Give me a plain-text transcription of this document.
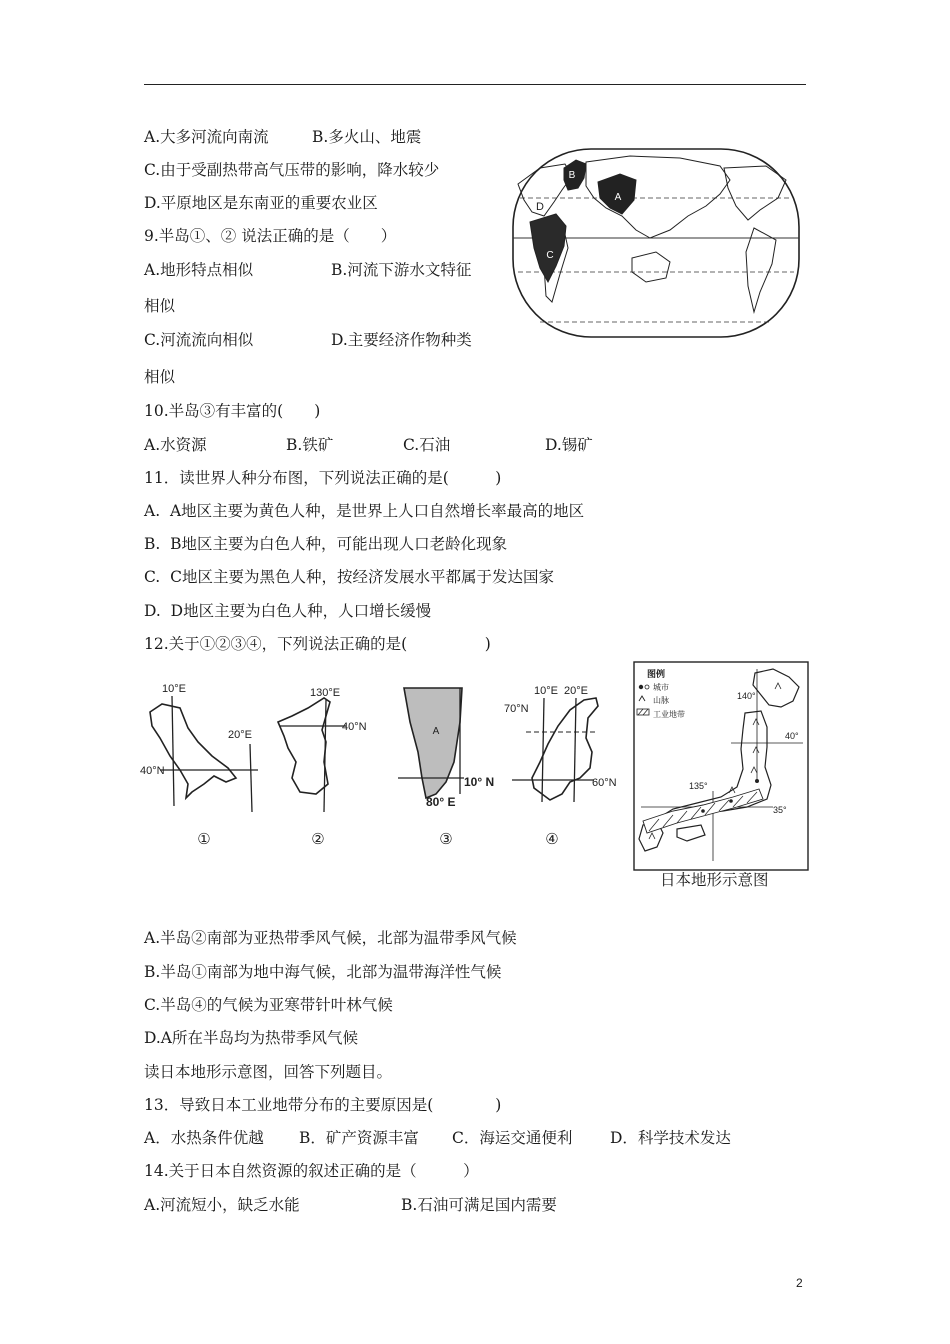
A.大多河流向南流	B.多火山、地震
C.由于受副热带高气压带的影响，降水较少
D.平原地区是东南亚的重要农业区
9.半岛①、② 说法正确的是（　　）
A.地形特点相似	B.河流下游水文特征
相似
C.河流流向相似	D.主要经济作物种类
相似
B
A
C
D
10.半岛③有丰富的(　　)
A.水资源	B.铁矿	C.石油	D.锡矿
11．读世界人种分布图，下列说法正确的是(　　　)
A.  A地区主要为黄色人种，是世界上人口自然增长率最高的地区
B.  B地区主要为白色人种，可能出现人口老龄化现象
C.  C地区主要为黑色人种，按经济发展水平都属于发达国家
D.  D地区主要为白色人种，人口增长缓慢
12.关于①②③④，下列说法正确的是(　　　　　)
10°E
20°E
40°N
①
130°E
40°N
②
A
10° N
80° E
③
10°E 20°E
70°N
60°N
④
图例
城市
山脉
工业地带
140°
40°
135°
35°
日本地形示意图
A.半岛②南部为亚热带季风气候，北部为温带季风气候
B.半岛①南部为地中海气候，北部为温带海洋性气候
C.半岛④的气候为亚寒带针叶林气候
D.A所在半岛均为热带季风气候
读日本地形示意图，回答下列题目。
13．导致日本工业地带分布的主要原因是(　　　　)
A．水热条件优越 B．矿产资源丰富 C．海运交通便利 D．科学技术发达
14.关于日本自然资源的叙述正确的是（　　　）
A.河流短小，缺乏水能	B.石油可满足国内需要
2
